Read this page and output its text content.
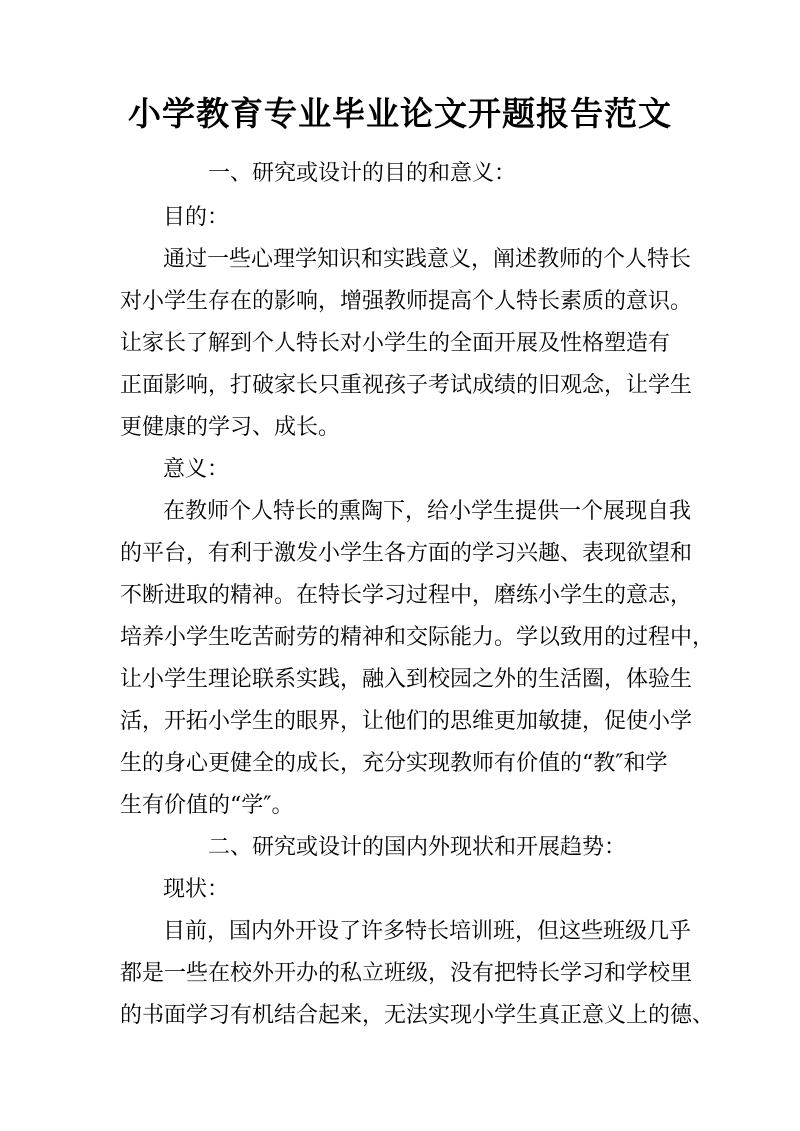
小学教育专业毕业论文开题报告范文
一、研究或设计的目的和意义：
目的：
通过一些心理学知识和实践意义，阐述教师的个人特长
对小学生存在的影响，增强教师提高个人特长素质的意识。
让家长了解到个人特长对小学生的全面开展及性格塑造有
正面影响，打破家长只重视孩子考试成绩的旧观念，让学生
更健康的学习、成长。
意义：
在教师个人特长的熏陶下，给小学生提供一个展现自我
的平台，有利于激发小学生各方面的学习兴趣、表现欲望和
不断进取的精神。在特长学习过程中，磨练小学生的意志，
培养小学生吃苦耐劳的精神和交际能力。学以致用的过程中，
让小学生理论联系实践，融入到校园之外的生活圈，体验生
活，开拓小学生的眼界，让他们的思维更加敏捷，促使小学
生的身心更健全的成长，充分实现教师有价值的“教″和学
生有价值的“学″。
二、研究或设计的国内外现状和开展趋势：
现状：
目前，国内外开设了许多特长培训班，但这些班级几乎
都是一些在校外开办的私立班级，没有把特长学习和学校里
的书面学习有机结合起来，无法实现小学生真正意义上的德、
